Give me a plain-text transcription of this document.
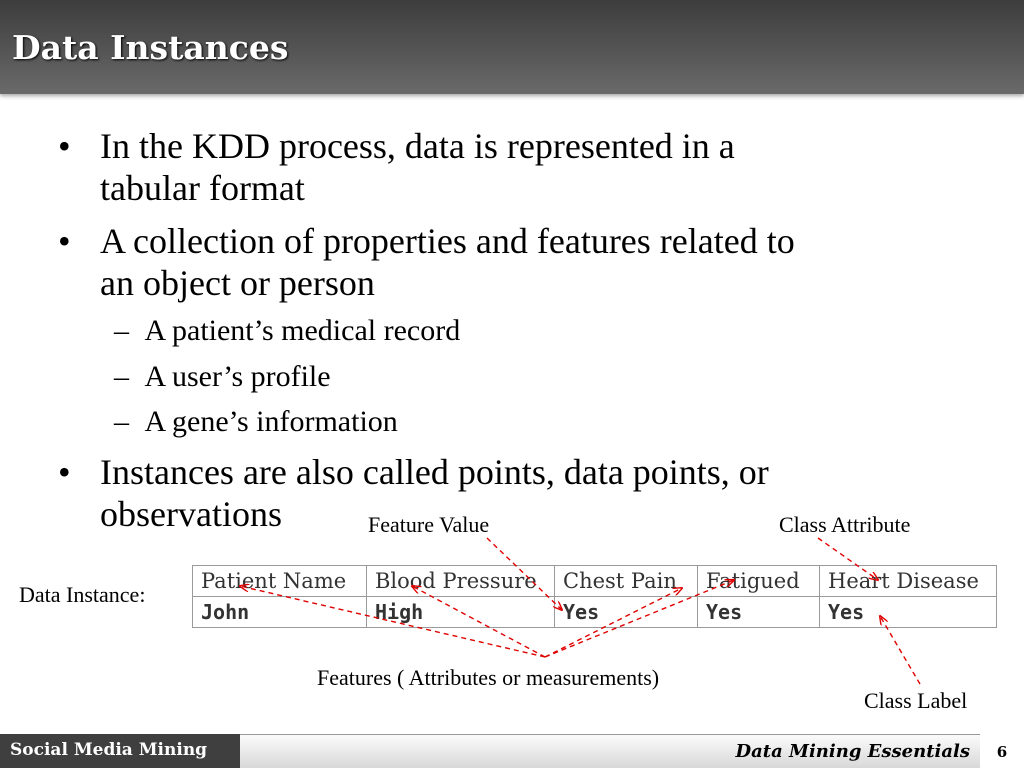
Data Instances
• In the KDD process, data is represented in a
tabular format
• A collection of properties and features related to
an object or person
– A patient’s medical record
– A user’s profile
– A gene’s information
• Instances are also called points, data points, or
observations	Feature Value	Class Attribute
Data Instance:
Features ( Attributes or measurements)
Class Label
Patient Name	Blood Pressure	Chest Pain	Fatigued	Heart Disease
John	High	Yes	Yes	Yes
Social Media Mining	Data Mining Essentials	6
